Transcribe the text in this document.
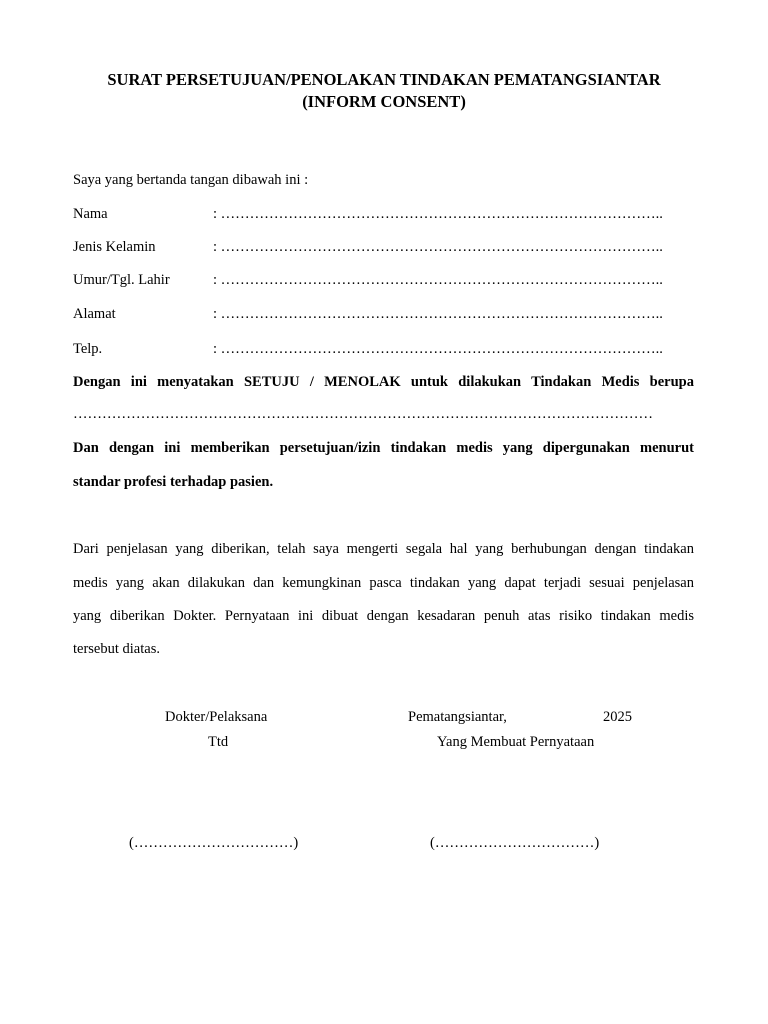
SURAT PERSETUJUAN/PENOLAKAN TINDAKAN PEMATANGSIANTAR
(INFORM CONSENT)
Saya yang bertanda tangan dibawah ini :
Nama	: ………………………………………………………………………………..
Jenis Kelamin	: ………………………………………………………………………………..
Umur/Tgl. Lahir	: ………………………………………………………………………………..
Alamat	: ………………………………………………………………………………..
Telp.	: ………………………………………………………………………………..
Dengan ini menyatakan SETUJU / MENOLAK untuk dilakukan Tindakan Medis berupa
…………………………………………………………………………………………………………
Dan dengan ini memberikan persetujuan/izin tindakan medis yang dipergunakan menurut
standar profesi terhadap pasien.
Dari penjelasan yang diberikan, telah saya mengerti segala hal yang berhubungan dengan tindakan
medis yang akan dilakukan dan kemungkinan pasca tindakan yang dapat terjadi sesuai penjelasan
yang diberikan Dokter. Pernyataan ini dibuat dengan kesadaran penuh atas risiko tindakan medis
tersebut diatas.
Dokter/Pelaksana	Pematangsiantar,	2025
Ttd	Yang Membuat Pernyataan
(……………………………)	(……………………………)
